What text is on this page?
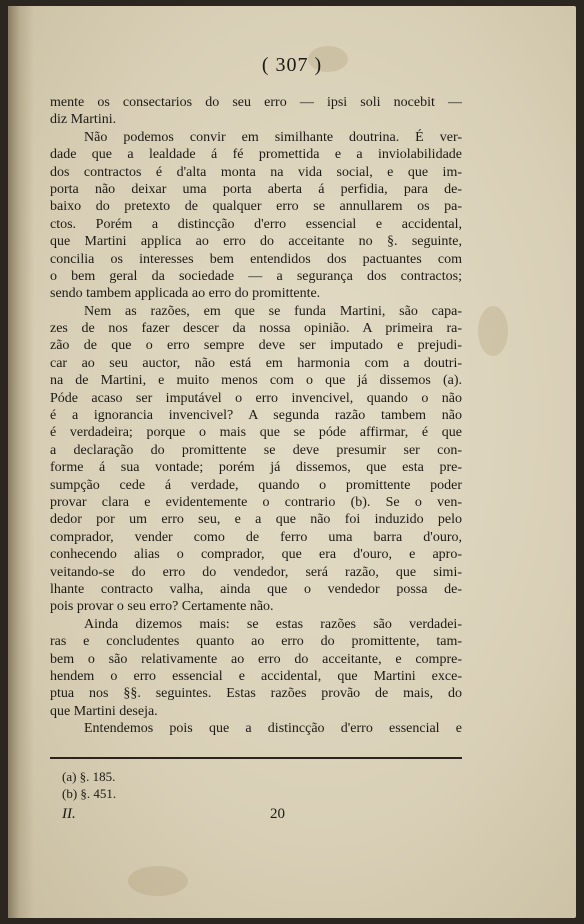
( 307 )
mente os consectarios do seu erro — ipsi soli nocebit —
diz Martini.
Não podemos convir em similhante doutrina. É ver-
dade que a lealdade á fé promettida e a inviolabilidade
dos contractos é d'alta monta na vida social, e que im-
porta não deixar uma porta aberta á perfidia, para de-
baixo do pretexto de qualquer erro se annullarem os pa-
ctos. Porém a distincção d'erro essencial e accidental,
que Martini applica ao erro do acceitante no §. seguinte,
concilia os interesses bem entendidos dos pactuantes com
o bem geral da sociedade — a segurança dos contractos;
sendo tambem applicada ao erro do promittente.
Nem as razões, em que se funda Martini, são capa-
zes de nos fazer descer da nossa opinião. A primeira ra-
zão de que o erro sempre deve ser imputado e prejudi-
car ao seu auctor, não está em harmonia com a doutri-
na de Martini, e muito menos com o que já dissemos (a).
Póde acaso ser imputável o erro invencivel, quando o não
é a ignorancia invencivel? A segunda razão tambem não
é verdadeira; porque o mais que se póde affirmar, é que
a declaração do promittente se deve presumir ser con-
forme á sua vontade; porém já dissemos, que esta pre-
sumpção cede á verdade, quando o promittente poder
provar clara e evidentemente o contrario (b). Se o ven-
dedor por um erro seu, e a que não foi induzido pelo
comprador, vender como de ferro uma barra d'ouro,
conhecendo alias o comprador, que era d'ouro, e apro-
veitando-se do erro do vendedor, será razão, que simi-
lhante contracto valha, ainda que o vendedor possa de-
pois provar o seu erro? Certamente não.
Ainda dizemos mais: se estas razões são verdadei-
ras e concludentes quanto ao erro do promittente, tam-
bem o são relativamente ao erro do acceitante, e compre-
hendem o erro essencial e accidental, que Martini exce-
ptua nos §§. seguintes. Estas razões provão de mais, do
que Martini deseja.
Entendemos pois que a distincção d'erro essencial e
(a) §. 185.
(b) §. 451.
II.	20
